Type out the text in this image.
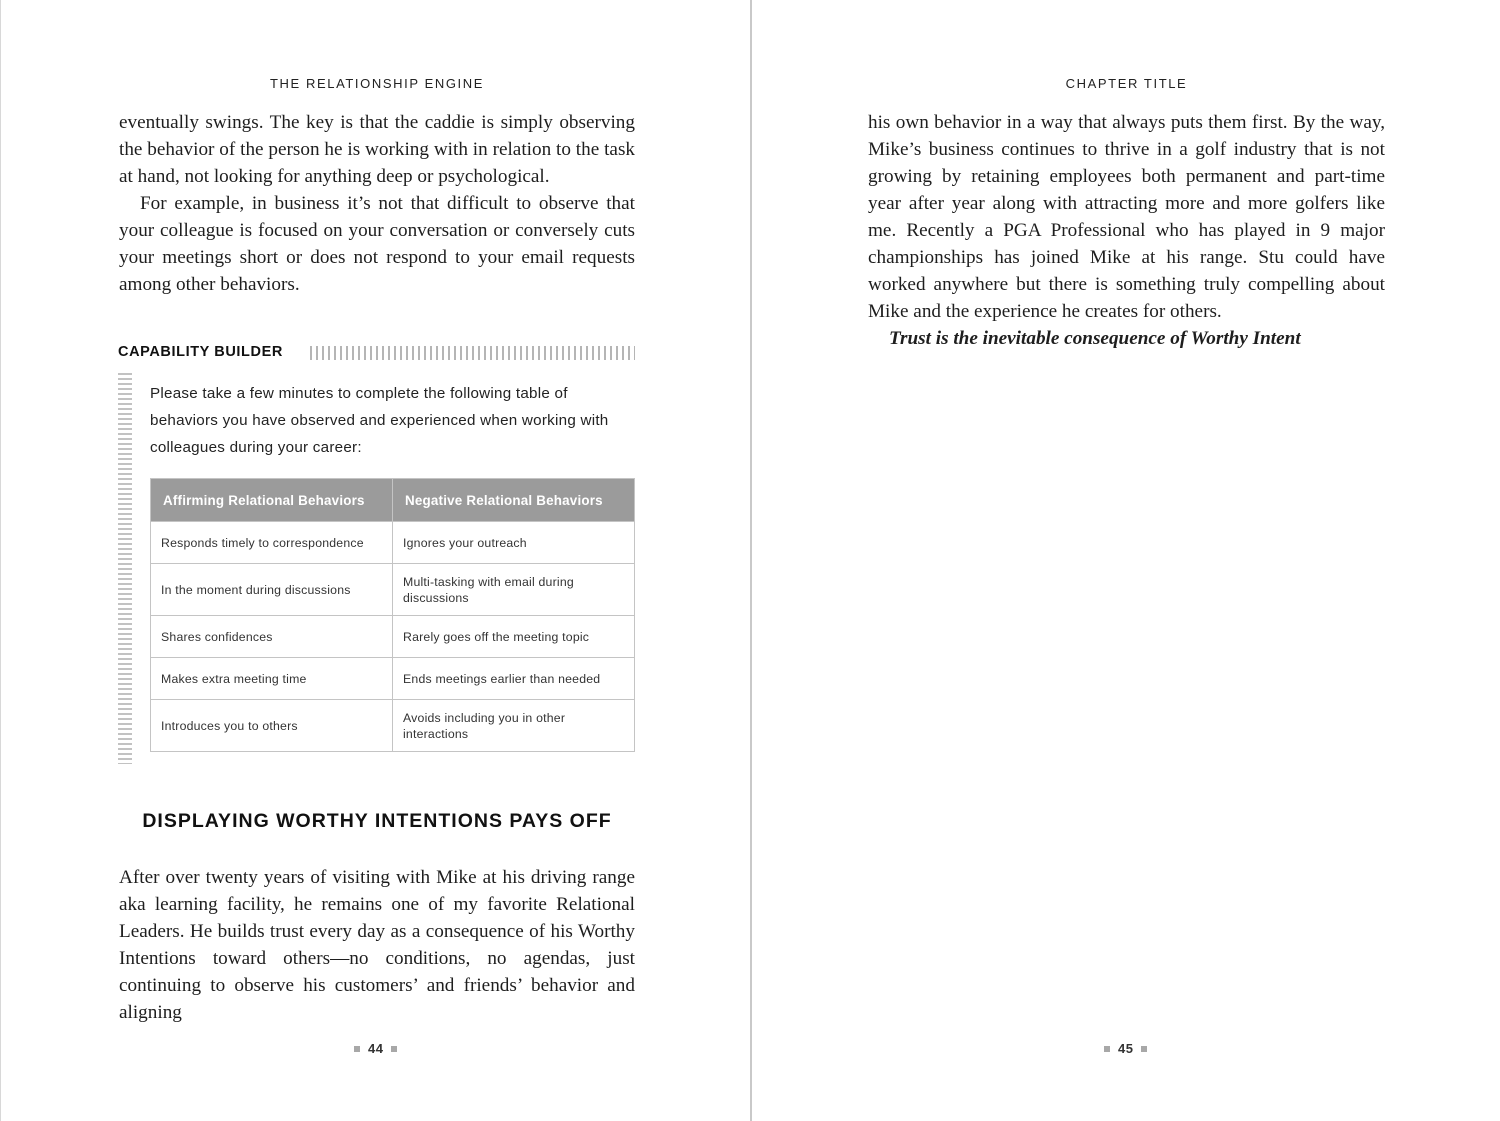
THE RELATIONSHIP ENGINE

eventually swings. The key is that the caddie is simply observing the behavior of the person he is working with in relation to the task at hand, not looking for anything deep or psychological.

For example, in business it’s not that difficult to observe that your colleague is focused on your conversation or conversely cuts your meetings short or does not respond to your email requests among other behaviors.

CAPABILITY BUILDER
Please take a few minutes to complete the following table of behaviors you have observed and experienced when working with colleagues during your career:
Affirming Relational Behaviors	Negative Relational Behaviors
Responds timely to correspondence	Ignores your outreach
In the moment during discussions	Multi-tasking with email during discussions
Shares confidences	Rarely goes off the meeting topic
Makes extra meeting time	Ends meetings earlier than needed
Introduces you to others	Avoids including you in other interactions
DISPLAYING WORTHY INTENTIONS PAYS OFF

After over twenty years of visiting with Mike at his driving range aka learning facility, he remains one of my favorite Relational Leaders. He builds trust every day as a consequence of his Worthy Intentions toward others—no conditions, no agendas, just continuing to observe his customers’ and friends’ behavior and aligning

44
CHAPTER TITLE

his own behavior in a way that always puts them first. By the way, Mike’s business continues to thrive in a golf industry that is not growing by retaining employees both permanent and part-time year after year along with attracting more and more golfers like me. Recently a PGA Professional who has played in 9 major championships has joined Mike at his range. Stu could have worked anywhere but there is something truly compelling about Mike and the experience he creates for others.

Trust is the inevitable consequence of Worthy Intent

45
